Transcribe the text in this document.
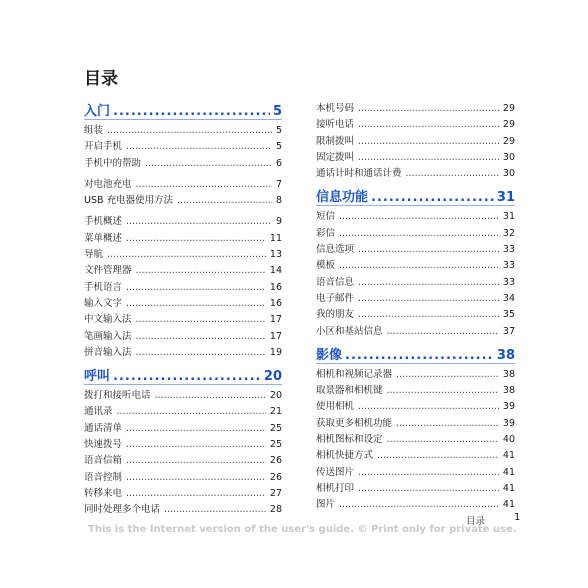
目录
入门 .....	5
组装 .....	5
开启手机 .....	5
手机中的帮助 .....	6
对电池充电 .....	7
USB 充电器使用方法 .....	8
手机概述 .....	9
菜单概述 .....	11
导航 .....	13
文件管理器 .....	14
手机语言 .....	16
输入文字 .....	16
中文输入法 .....	17
笔画输入法 .....	17
拼音输入法 .....	19
呼叫 .....	20
拨打和接听电话 .....	20
通讯录 .....	21
通话清单 .....	25
快速拨号 .....	25
语音信箱 .....	26
语音控制 .....	26
转移来电 .....	27
同时处理多个电话 .....	28
本机号码 .....	29
接听电话 .....	29
限制拨叫 .....	29
固定拨叫 .....	30
通话计时和通话计费 .....	30
信息功能 .....	31
短信 .....	31
彩信 .....	32
信息选项 .....	33
模板 .....	33
语音信息 .....	33
电子邮件 .....	34
我的朋友 .....	35
小区和基站信息 .....	37
影像 .....	38
相机和视频记录器 .....	38
取景器和相机键 .....	38
使用相机 .....	39
获取更多相机功能 .....	39
相机图标和设定 .....	40
相机快捷方式 .....	41
传送图片 .....	41
相机打印 .....	41
图片 .....	41
目录	1
This is the Internet version of the user's guide. © Print only for private use.
